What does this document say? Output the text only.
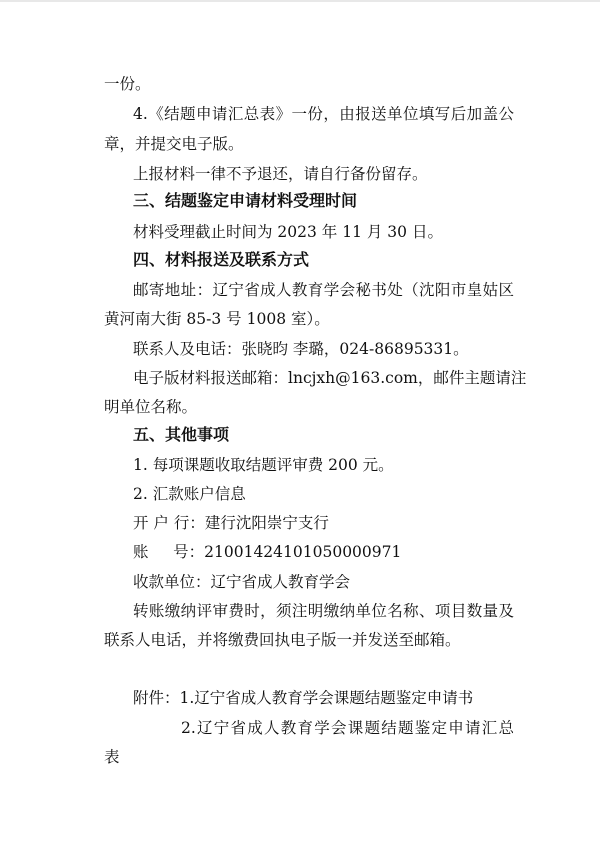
一份。
4.《结题申请汇总表》一份，由报送单位填写后加盖公
章，并提交电子版。
上报材料一律不予退还，请自行备份留存。
三、结题鉴定申请材料受理时间
材料受理截止时间为 2023 年 11 月 30 日。
四、材料报送及联系方式
邮寄地址：辽宁省成人教育学会秘书处（沈阳市皇姑区
黄河南大街 85-3 号 1008 室）。
联系人及电话：张晓昀 李璐，024-86895331。
电子版材料报送邮箱：lncjxh@163.com，邮件主题请注
明单位名称。
五、其他事项
1. 每项课题收取结题评审费 200 元。
2. 汇款账户信息
开 户 行：建行沈阳崇宁支行
账     号：21001424101050000971
收款单位：辽宁省成人教育学会
转账缴纳评审费时，须注明缴纳单位名称、项目数量及
联系人电话，并将缴费回执电子版一并发送至邮箱。
附件：1.辽宁省成人教育学会课题结题鉴定申请书
2.辽宁省成人教育学会课题结题鉴定申请汇总
表
